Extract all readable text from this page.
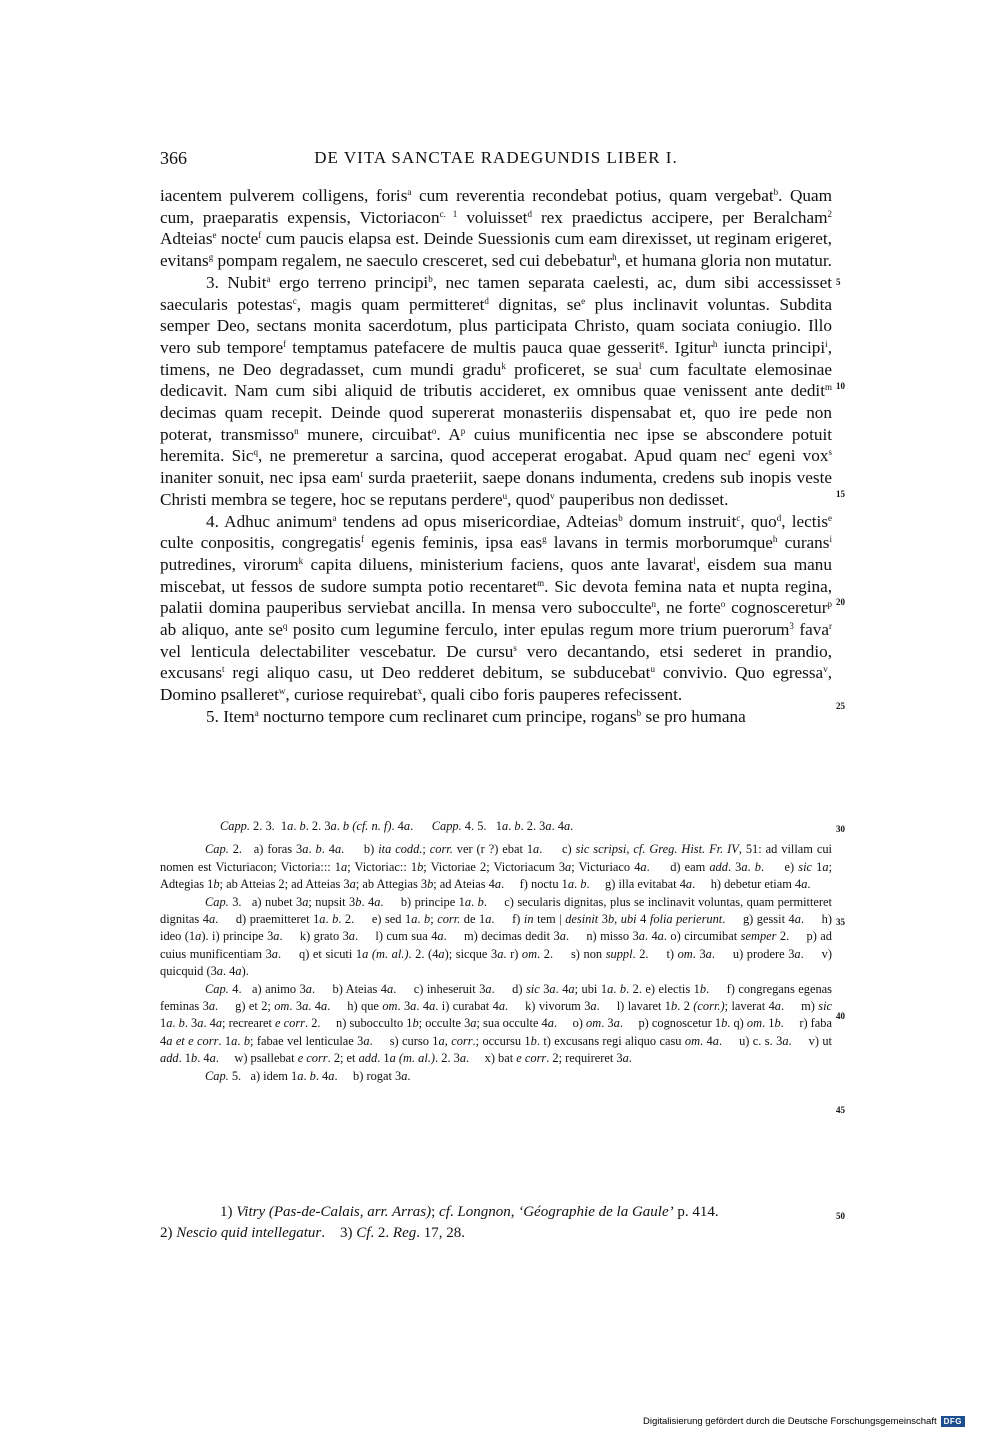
366	DE VITA SANCTAE RADEGUNDIS LIBER I.

iacentem pulverem colligens, foris$^a$ cum reverentia recondebat potius, quam vergebat$^b$. Quam cum, praeparatis expensis, Victoriacon$^{c. 1}$ voluisset$^d$ rex praedictus accipere, per Beralcham$^2$ Adteias$^e$ nocte$^f$ cum paucis elapsa est. Deinde Suessionis cum eam direxisset, ut reginam erigeret, evitans$^g$ pompam regalem, ne saeculo cresceret, sed cui debebatur$^h$, et humana gloria non mutatur.

3. Nubit$^a$ ergo terreno principi$^b$, nec tamen separata caelesti, ac, dum sibi accessisset saecularis potestas$^c$, magis quam permitteret$^d$ dignitas, $se^e$ plus inclinavit voluntas. Subdita semper Deo, sectans monita sacerdotum, plus participata Christo, quam sociata coniugio. Illo vero sub tempore$^f$ temptamus patefacere de multis pauca quae gesserit$^g$. Igitur$^h$ iuncta principi$^i$, timens, ne Deo degradasset, cum mundi gradu$^k$ proficeret, se sua$^l$ cum facultate elemosinae dedicavit. Nam cum sibi aliquid de tributis accideret, ex omnibus quae venissent ante dedit$^m$ decimas quam recepit. Deinde quod supererat monasteriis dispensabat et, quo ire pede non poterat, transmisso$^n$ munere, circuibat$^o$. $A^p$ cuius munificentia nec ipse se abscondere potuit heremita. Sic$^q$, ne premeretur a sarcina, quod acceperat erogabat. Apud quam nec$^r$ egeni vox$^s$ inaniter sonuit, nec ipsa eam$^t$ surda praeteriit, saepe donans indumenta, credens sub inopis veste Christi membra se tegere, hoc se reputans perdere$^u$, quod$^v$ pauperibus non dedisset.

4. Adhuc animum$^a$ tendens ad opus misericordiae, Adteias$^b$ domum instruit$^c$, quo$^d$, lectis$^e$ culte conpositis, congregatis$^f$ egenis feminis, ipsa eas$^g$ lavans in termis morborumque$^h$ curans$^i$ putredines, virorum$^k$ capita diluens, ministerium faciens, quos ante lavarat$^l$, eisdem sua manu miscebat, ut fessos de sudore sumpta potio recentaret$^m$. Sic devota femina nata et nupta regina, palatii domina pauperibus serviebat ancilla. In mensa vero suboccultе$^n$, ne forte$^o$ cognosceretur$^p$ ab aliquo, ante $se^q$ posito cum legumine ferculo, inter epulas regum more trium puerorum$^3$ fava$^r$ vel lenticula delectabiliter vescebatur. De cursu$^s$ vero decantando, etsi sederet in prandio, excusans$^t$ regi aliquo casu, ut Deo redderet debitum, se subducebat$^u$ convivio. Quo egressa$^v$, Domino psalleret$^w$, curiose requirebat$^x$, quali cibo foris pauperes refecissent.

5. Item$^a$ nocturno tempore cum reclinaret cum principe, rogans$^b$ se pro humana

5
10
15
20
25

Capp. 2. 3.  1a. b. 2. 3a. b (cf. n. f). 4a.      Capp. 4. 5.   1a. b. 2. 3a. 4a.

Cap. 2.   a) foras 3a. b. 4a.     b) ita codd.; corr. ver (r ?) ebat 1a.     c) sic scripsi, cf. Greg. Hist. Fr. IV, 51: ad villam cui nomen est Victuriacon; Victoria::: 1a; Victoriac:: 1b; Victoriae 2; Victoriacum 3a; Victuriaco 4a.     d) eam add. 3a. b.     e) sic 1a; Adtegias 1b; ab Atteias 2; ad Atteias 3a; ab Attegias 3b; ad Ateias 4a.     f) noctu 1a. b.     g) illa evitabat 4a.     h) debetur etiam 4a.

Cap. 3.   a) nubet 3a; nupsit 3b. 4a.     b) principe 1a. b.     c) secularis dignitas, plus se inclinavit voluntas, quam permitteret dignitas 4a.     d) praemitteret 1a. b. 2.     e) sed 1a. b; corr. de 1a.     f) in tem | desinit 3b, ubi 4 folia perierunt.     g) gessit 4a.     h) ideo (1a). i) principe 3a.     k) grato 3a.     l) cum sua 4a.     m) decimas dedit 3a.     n) misso 3a. 4a. o) circumibat semper 2.     p) ad cuius munificentiam 3a.     q) et sicuti 1a (m. al.). 2. (4a); sicque 3a. r) om. 2.     s) non suppl. 2.     t) om. 3a.     u) prodere 3a.     v) quicquid (3a. 4a).

Cap. 4.   a) animo 3a.     b) Ateias 4a.     c) inheseruit 3a.     d) sic 3a. 4a; ubi 1a. b. 2. e) electis 1b.     f) congregans egenas feminas 3a.     g) et 2; om. 3a. 4a.     h) que om. 3a. 4a. i) curabat 4a.     k) vivorum 3a.     l) lavaret 1b. 2 (corr.); laverat 4a.     m) sic 1a. b. 3a. 4a; recrearet e corr. 2.     n) subocculto 1b; occulte 3a; sua occulte 4a.     o) om. 3a.     p) cognoscetur 1b. q) om. 1b.     r) faba 4a et e corr. 1a. b; fabae vel lenticulae 3a.     s) curso 1a, corr.; occursu 1b. t) excusans regi aliquo casu om. 4a.     u) c. s. 3a.     v) ut add. 1b. 4a.     w) psallebat e corr. 2; et add. 1a (m. al.). 2. 3a.     x) bat e corr. 2; requireret 3a.

Cap. 5.   a) idem 1a. b. 4a.     b) rogat 3a.

30
35
40
45

1) Vitry (Pas-de-Calais, arr. Arras); cf. Longnon, ‘Géographie de la Gaule’ p. 414.

2) Nescio quid intellegatur.    3) Cf. 2. Reg. 17, 28.

50
Digitalisierung gefördert durch die Deutsche Forschungsgemeinschaft DFG
